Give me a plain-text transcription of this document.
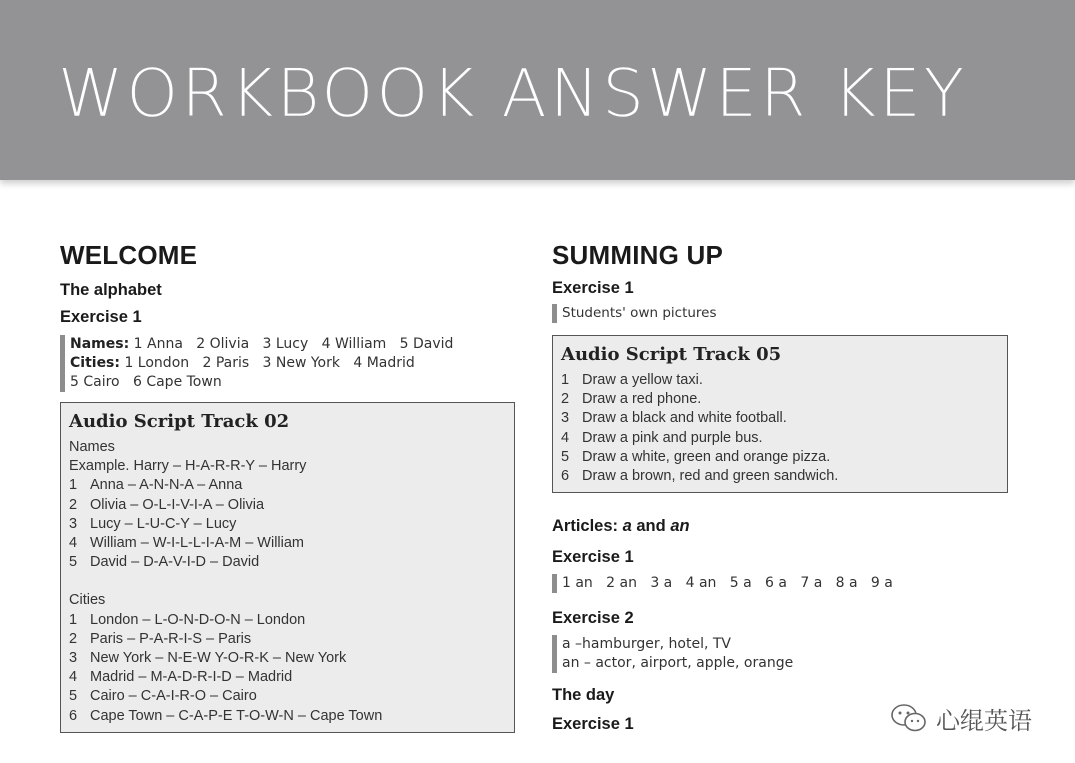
WORKBOOK ANSWER KEY
WELCOME
The alphabet
Exercise 1
Names: 1 Anna   2 Olivia   3 Lucy   4 William   5 David
Cities: 1 London   2 Paris   3 New York   4 Madrid
5 Cairo   6 Cape Town
Audio Script Track 02
Names
Example. Harry – H-A-R-R-Y – Harry
1 Anna – A-N-N-A – Anna
2 Olivia – O-L-I-V-I-A – Olivia
3 Lucy – L-U-C-Y – Lucy
4 William – W-I-L-L-I-A-M – William
5 David – D-A-V-I-D – David
Cities
1 London – L-O-N-D-O-N – London
2 Paris – P-A-R-I-S – Paris
3 New York – N-E-W Y-O-R-K – New York
4 Madrid – M-A-D-R-I-D – Madrid
5 Cairo – C-A-I-R-O – Cairo
6 Cape Town – C-A-P-E T-O-W-N – Cape Town
SUMMING UP
Exercise 1
Students' own pictures
Audio Script Track 05
1 Draw a yellow taxi.
2 Draw a red phone.
3 Draw a black and white football.
4 Draw a pink and purple bus.
5 Draw a white, green and orange pizza.
6 Draw a brown, red and green sandwich.
Articles: a and an
Exercise 1
1 an   2 an   3 a   4 an   5 a   6 a   7 a   8 a   9 a
Exercise 2
a –hamburger, hotel, TV
an – actor, airport, apple, orange
The day
Exercise 1	心绲英语
